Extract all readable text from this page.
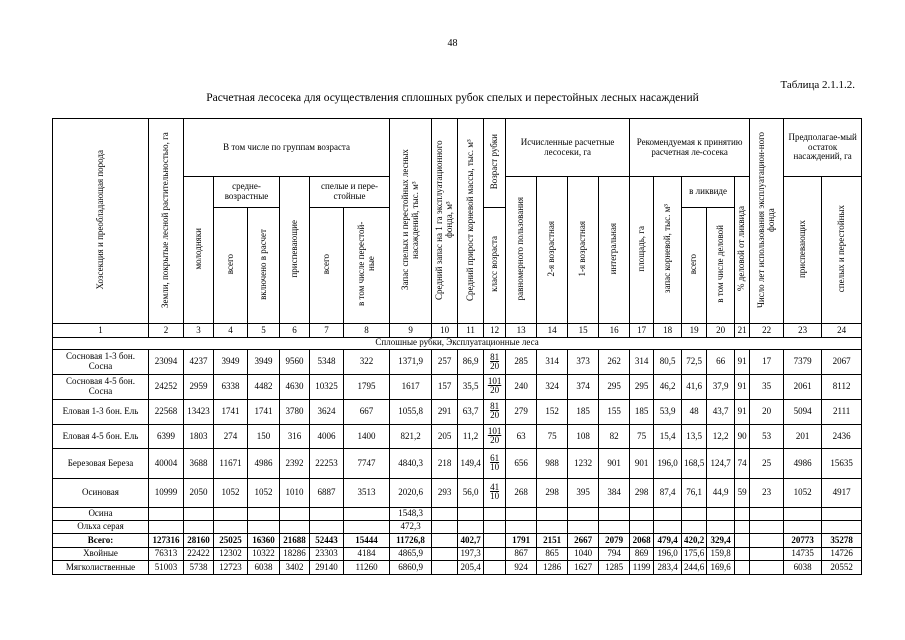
48
Таблица 2.1.1.2.
Расчетная лесосека для осуществления сплошных рубок спелых и перестойных лесных насаждений
Хозсекция и преобладающая порода	Земли, покрытые лесной растительностью, га	В том числе по группам возраста						Запас спелых и перестойных лесных насаждений, тыс. м³	Средний запас на 1 га эксплуатационного фонда, м³	Средний прирост корневой массы, тыс. м³	Возраст рубки	Исчисленные расчетные лесосеки, га				Рекомендуемая к принятию расчетная ле-сосека					Число лет использования эксплуатацион-ного фонда	Предполагае-мый остаток насаждений, га	
		молодняки	средне-возрастные		приспевающие	спелые и пере-стойные						равномерного пользования	2-я возрастная	1-я возрастная	интегральная	площадь, га	запас корневой, тыс. м³	в ликвиде		% деловой от ликвида		приспевающих	спелых и перестойных
			всего	включено в расчет		всего	в том числе перестой-ные				класс возраста							всего	в том числе деловой				

1	2	3	4	5	6	7	8	9	10	11	12	13	14	15	16	17	18	19	20	21	22	23	24
Сплошные рубки, Эксплуатационные леса																							
Сосновая 1-3 бон. Сосна	23094	4237	3949	3949	9560	5348	322	1371,9	257	86,9	$\frac{81}{20}$	285	314	373	262	314	80,5	72,5	66	91	17	7379	2067
Сосновая 4-5 бон. Сосна	24252	2959	6338	4482	4630	10325	1795	1617	157	35,5	$\frac{101}{20}$	240	324	374	295	295	46,2	41,6	37,9	91	35	2061	8112
Еловая 1-3 бон. Ель	22568	13423	1741	1741	3780	3624	667	1055,8	291	63,7	$\frac{81}{20}$	279	152	185	155	185	53,9	48	43,7	91	20	5094	2111
Еловая 4-5 бон. Ель	6399	1803	274	150	316	4006	1400	821,2	205	11,2	$\frac{101}{20}$	63	75	108	82	75	15,4	13,5	12,2	90	53	201	2436
Березовая Береза	40004	3688	11671	4986	2392	22253	7747	4840,3	218	149,4	$\frac{61}{10}$	656	988	1232	901	901	196,0	168,5	124,7	74	25	4986	15635
Осиновая	10999	2050	1052	1052	1010	6887	3513	2020,6	293	56,0	$\frac{41}{10}$	268	298	395	384	298	87,4	76,1	44,9	59	23	1052	4917
Осина								1548,3															
Ольха серая								472,3															
Всего:	127316	28160	25025	16360	21688	52443	15444	11726,8		402,7		1791	2151	2667	2079	2068	479,4	420,2	329,4			20773	35278
Хвойные	76313	22422	12302	10322	18286	23303	4184	4865,9		197,3		867	865	1040	794	869	196,0	175,6	159,8			14735	14726
Мягколиственные	51003	5738	12723	6038	3402	29140	11260	6860,9		205,4		924	1286	1627	1285	1199	283,4	244,6	169,6			6038	20552
